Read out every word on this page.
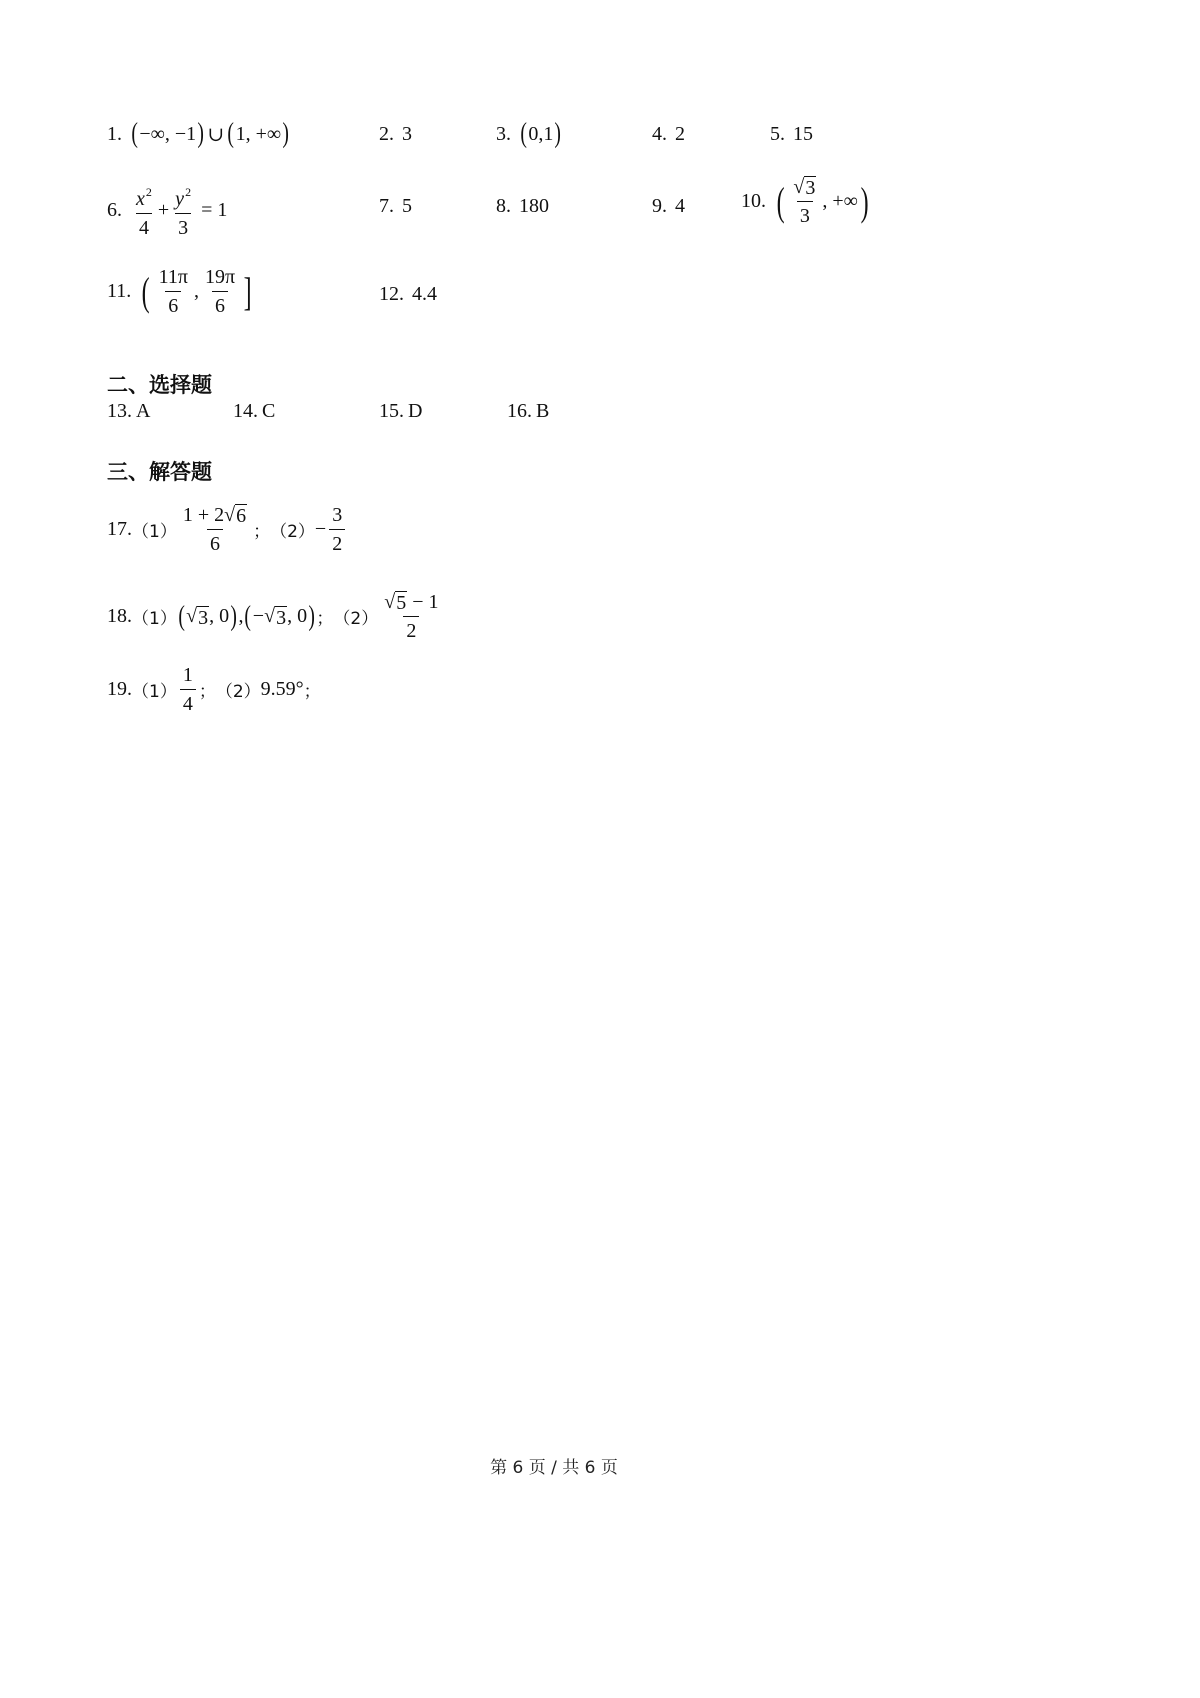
1. ( −∞, −1 ) ∪ ( 1, +∞ )	2. 3	3. ( 0,1 )	4. 2	5. 15
6. $\frac{x^2}{4} + \frac{y^2}{3} = 1$	7. 5	8. 180	9. 4	10. ( $\frac{√ 3}{3}$ , +∞ )
11. ( $\frac{11\pi}{6}$ , $\frac{19\pi}{6}$ ]	12. 4.4
二、选择题
13. A	14. C	15. D	16. B
三、解答题
17. $(1) \frac{1 + 2 √ 6}{6}$ ； $(2) - \frac{3}{2}$
18. （1） ( √ 3 , 0 ) , ( − √ 3 , 0 ) ； $(2) \frac{√ 5 - 1}{2}$
19. $(1) \frac{1}{4}$ ； （2） 9.59° ；
第 6 页 / 共 6 页
